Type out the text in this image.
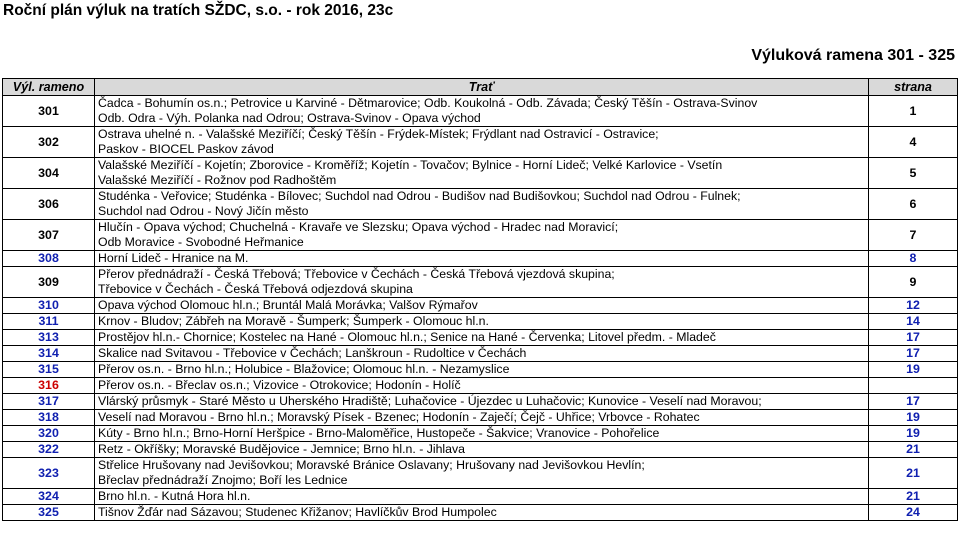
Roční plán výluk na tratích SŽDC, s.o. - rok 2016, 23c
Výluková ramena 301 - 325
Výl. rameno	Trať	strana
301	Čadca - Bohumín os.n.; Petrovice u Karviné - Dětmarovice; Odb. Koukolná - Odb. Závada; Český Těšín - Ostrava-Svinov
Odb. Odra - Výh. Polanka nad Odrou; Ostrava-Svinov - Opava východ	1
302	Ostrava uhelné n. - Valašské Meziříčí; Český Těšín - Frýdek-Místek; Frýdlant nad Ostravicí - Ostravice;
Paskov - BIOCEL Paskov závod	4
304	Valašské Meziříčí - Kojetín; Zborovice - Kroměříž; Kojetín - Tovačov; Bylnice - Horní Lideč; Velké Karlovice - Vsetín
Valašské Meziříčí - Rožnov pod Radhoštěm	5
306	Studénka - Veřovice; Studénka - Bílovec; Suchdol nad Odrou - Budišov nad Budišovkou; Suchdol nad Odrou - Fulnek;
Suchdol nad Odrou - Nový Jičín město	6
307	Hlučín - Opava východ; Chuchelná - Kravaře ve Slezsku; Opava východ - Hradec nad Moravicí;
Odb Moravice - Svobodné Heřmanice	7
308	Horní Lideč - Hranice na M.	8
309	Přerov přednádraží - Česká Třebová; Třebovice v Čechách - Česká Třebová vjezdová skupina;
Třebovice v Čechách - Česká Třebová odjezdová skupina	9
310	Opava východ Olomouc hl.n.; Bruntál Malá Morávka; Valšov Rýmařov	12
311	Krnov - Bludov; Zábřeh na Moravě - Šumperk; Šumperk - Olomouc hl.n.	14
313	Prostějov hl.n.- Chornice; Kostelec na Hané - Olomouc hl.n.; Senice na Hané - Červenka; Litovel předm. - Mladeč	17
314	Skalice nad Svitavou - Třebovice v Čechách; Lanškroun - Rudoltice v Čechách	17
315	Přerov os.n. - Brno hl.n.; Holubice - Blažovice; Olomouc hl.n. - Nezamyslice	19
316	Přerov os.n. - Břeclav os.n.; Vizovice - Otrokovice; Hodonín - Holíč	

317	Vlárský průsmyk - Staré Město u Uherského Hradiště; Luhačovice - Újezdec u Luhačovic; Kunovice - Veselí nad Moravou;	17
318	Veselí nad Moravou - Brno hl.n.; Moravský Písek - Bzenec; Hodonín - Zaječí; Čejč - Uhřice; Vrbovce - Rohatec	19
320	Kúty - Brno hl.n.; Brno-Horní Heršpice - Brno-Maloměřice, Hustopeče - Šakvice; Vranovice - Pohořelice	19
322	Retz - Okříšky; Moravské Budějovice - Jemnice; Brno hl.n. - Jihlava	21
323	Střelice Hrušovany nad Jevišovkou; Moravské Bránice Oslavany; Hrušovany nad Jevišovkou Hevlín;
Břeclav přednádraží Znojmo; Boří les Lednice	21
324	Brno hl.n. - Kutná Hora hl.n.	21
325	Tišnov Žďár nad Sázavou; Studenec Křižanov; Havlíčkův Brod Humpolec	24
